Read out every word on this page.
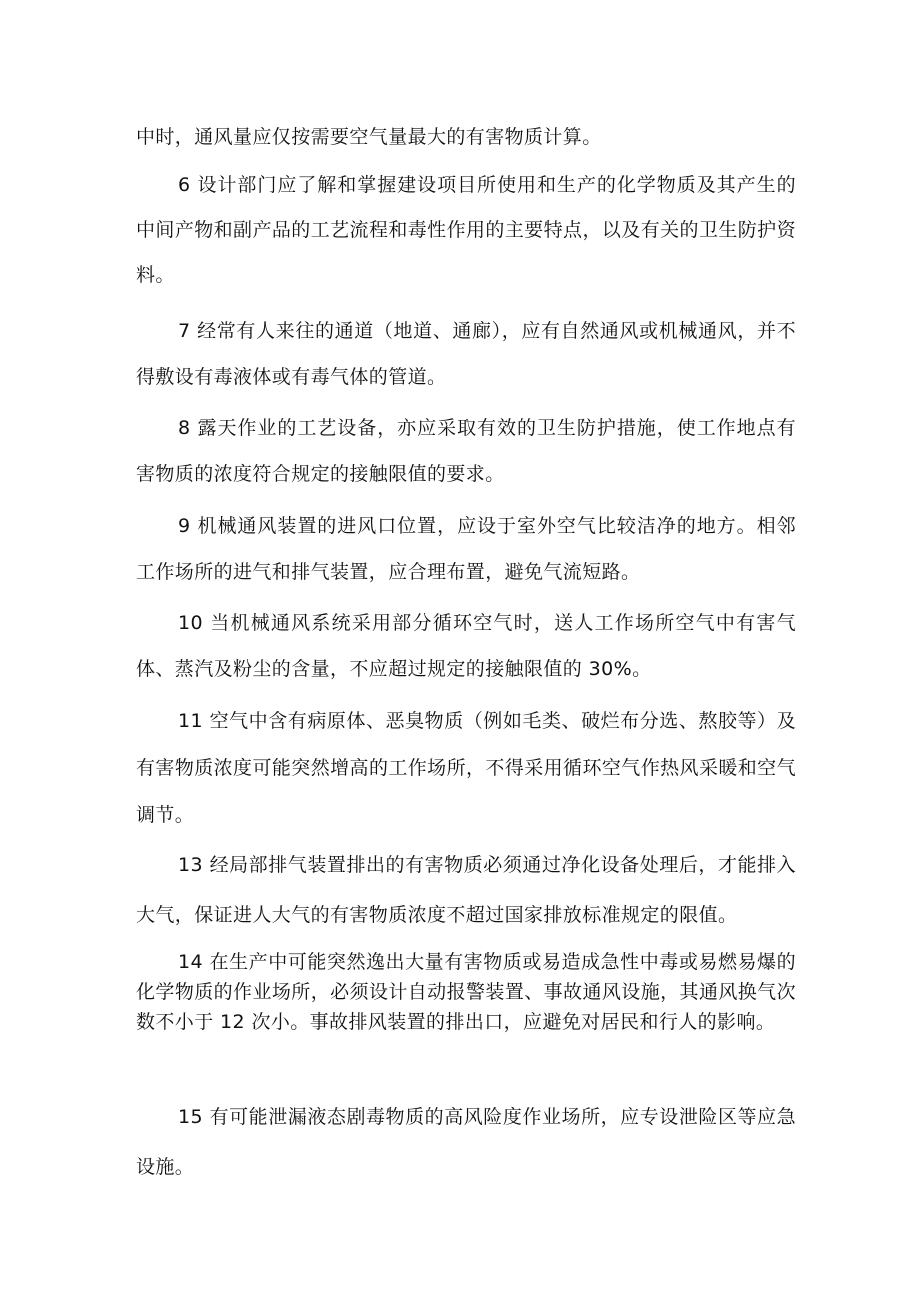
中时，通风量应仅按需要空气量最大的有害物质计算。

6 设计部门应了解和掌握建设项目所使用和生产的化学物质及其产生的中间产物和副产品的工艺流程和毒性作用的主要特点，以及有关的卫生防护资料。

7 经常有人来往的通道（地道、通廊），应有自然通风或机械通风，并不得敷设有毒液体或有毒气体的管道。

8 露天作业的工艺设备，亦应采取有效的卫生防护措施，使工作地点有害物质的浓度符合规定的接触限值的要求。

9 机械通风装置的进风口位置，应设于室外空气比较洁净的地方。相邻工作场所的进气和排气装置，应合理布置，避免气流短路。

10 当机械通风系统采用部分循环空气时，送人工作场所空气中有害气体、蒸汽及粉尘的含量，不应超过规定的接触限值的 30%。

11 空气中含有病原体、恶臭物质（例如毛类、破烂布分选、熬胶等）及有害物质浓度可能突然增高的工作场所，不得采用循环空气作热风采暖和空气调节。

13 经局部排气装置排出的有害物质必须通过净化设备处理后，才能排入大气，保证进人大气的有害物质浓度不超过国家排放标准规定的限值。

14 在生产中可能突然逸出大量有害物质或易造成急性中毒或易燃易爆的化学物质的作业场所，必须设计自动报警装置、事故通风设施，其通风换气次数不小于 12 次小。事故排风装置的排出口，应避免对居民和行人的影响。

15 有可能泄漏液态剧毒物质的高风险度作业场所，应专设泄险区等应急设施。
